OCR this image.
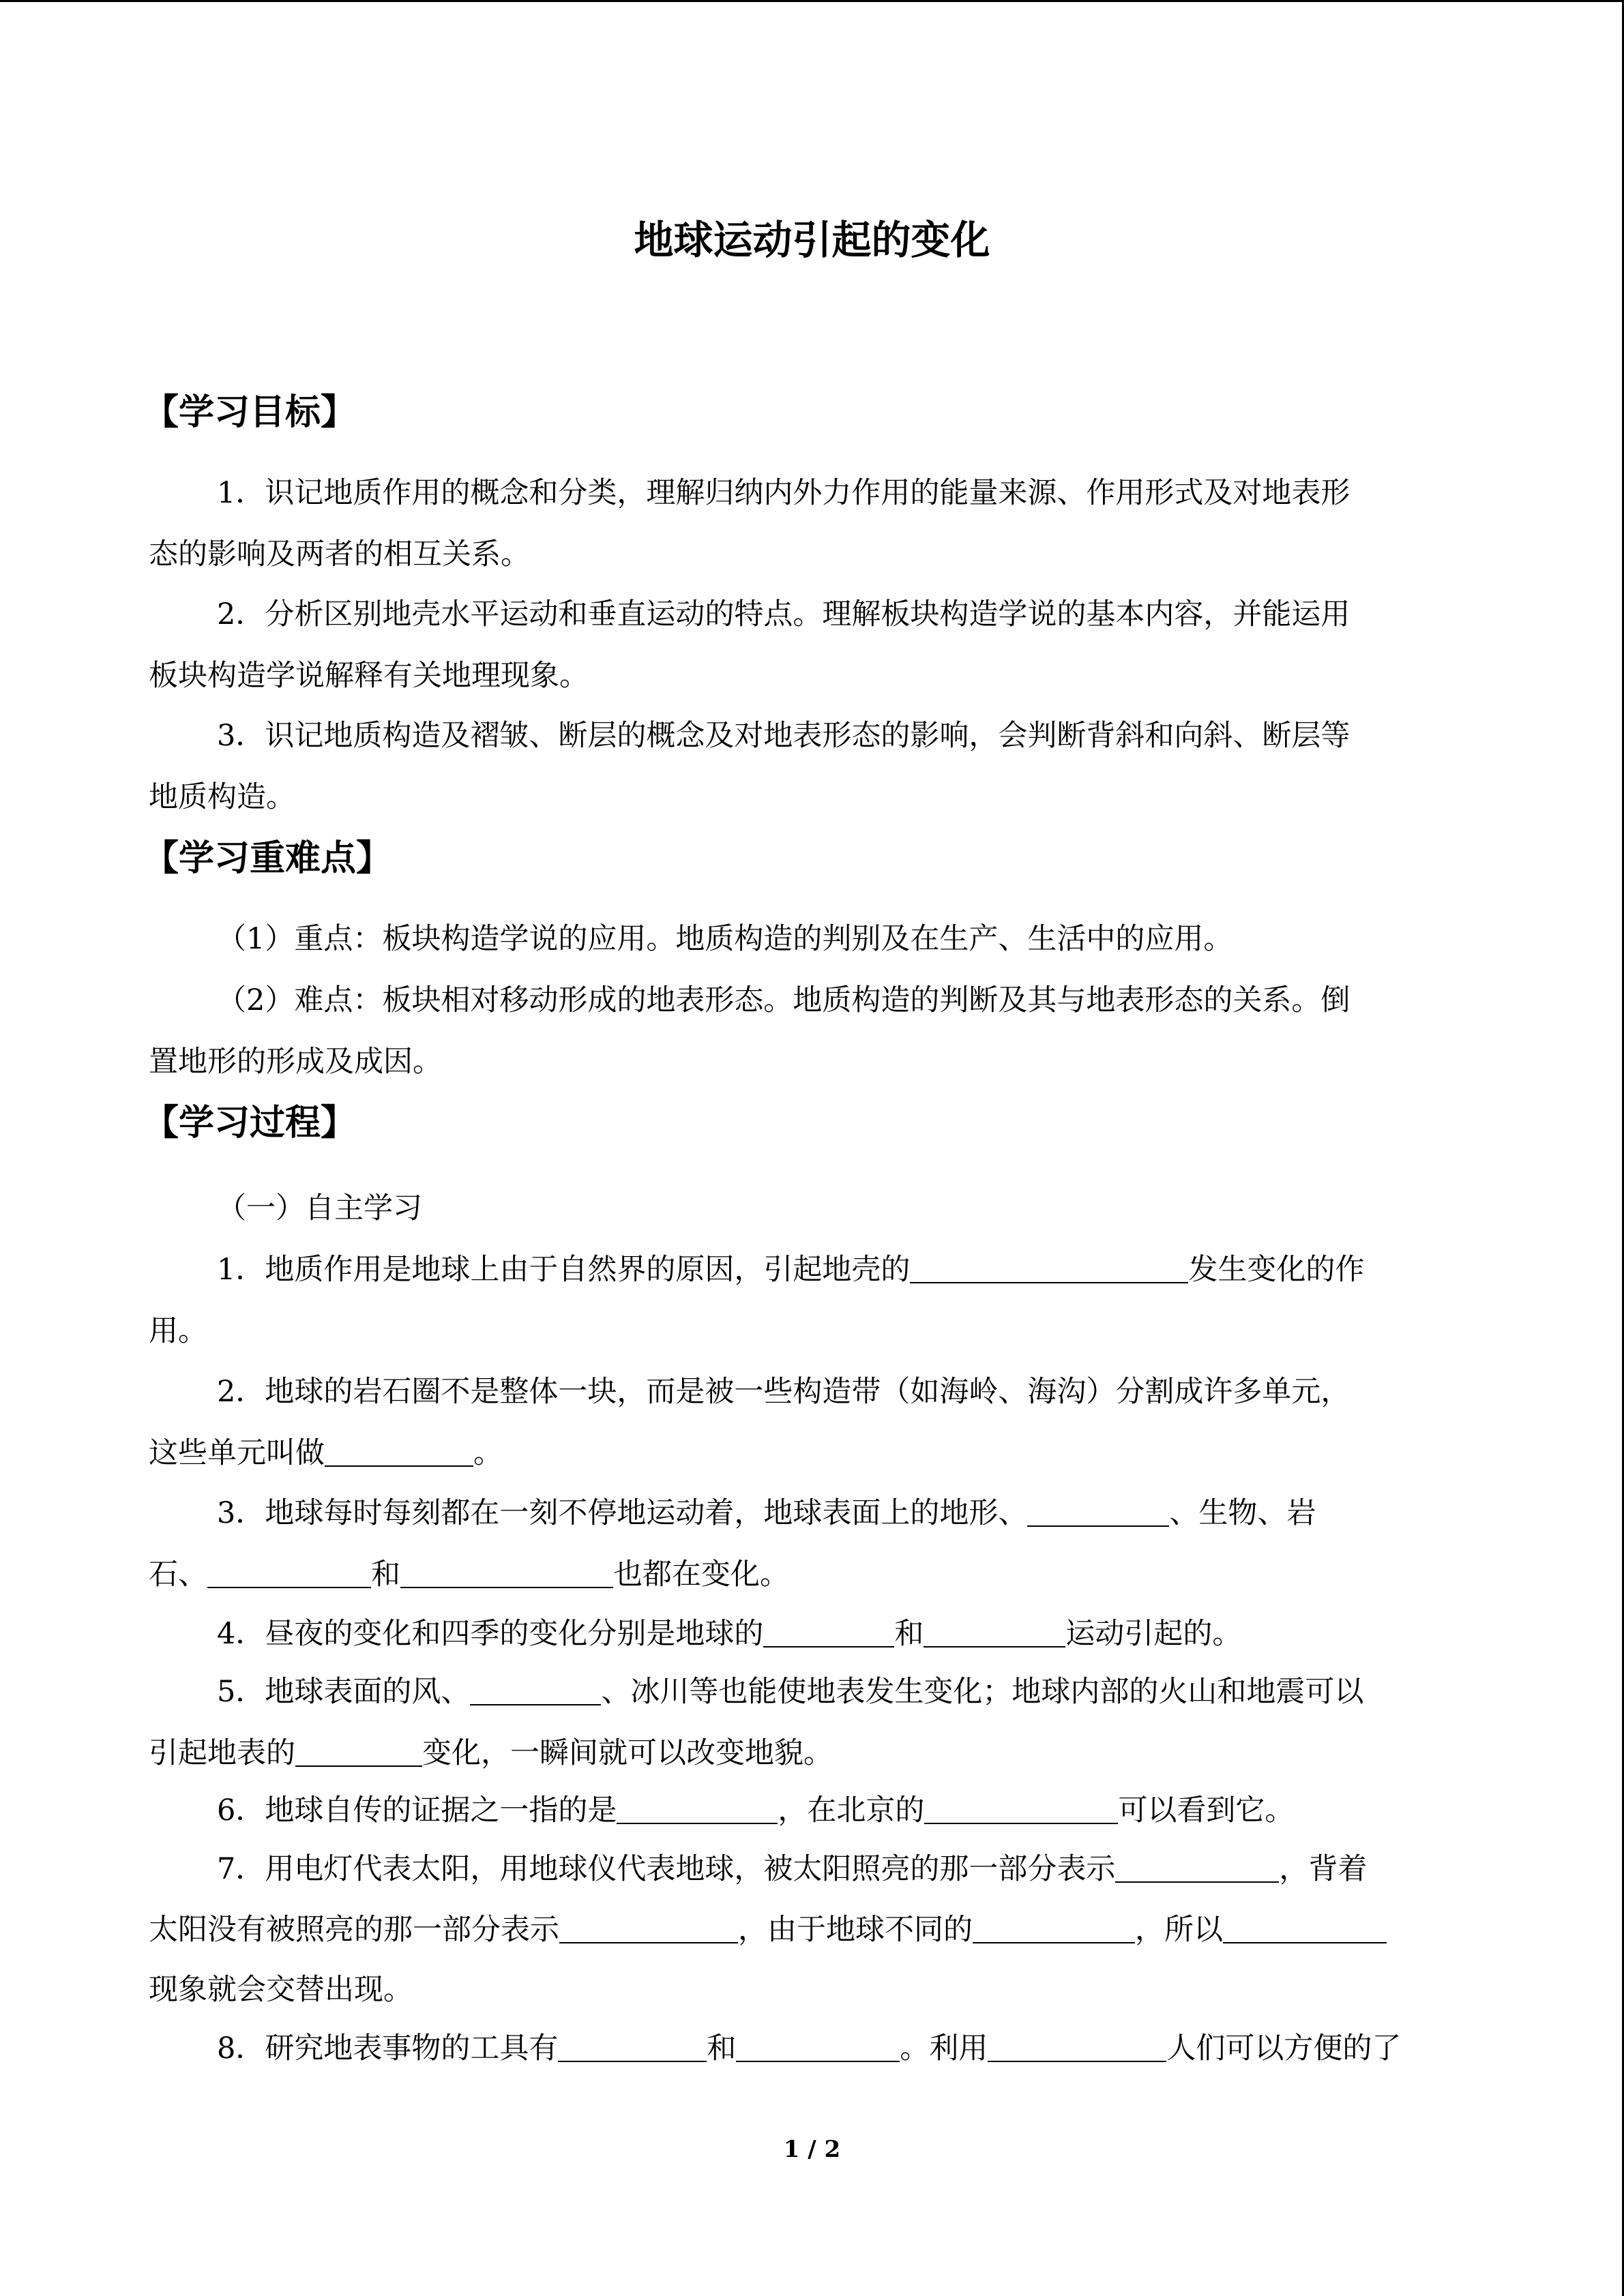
地球运动引起的变化
【学习目标】
1．识记地质作用的概念和分类，理解归纳内外力作用的能量来源、作用形式及对地表形
态的影响及两者的相互关系。
2．分析区别地壳水平运动和垂直运动的特点。理解板块构造学说的基本内容，并能运用
板块构造学说解释有关地理现象。
3．识记地质构造及褶皱、断层的概念及对地表形态的影响，会判断背斜和向斜、断层等
地质构造。
【学习重难点】
（1）重点：板块构造学说的应用。地质构造的判别及在生产、生活中的应用。
（2）难点：板块相对移动形成的地表形态。地质构造的判断及其与地表形态的关系。倒
置地形的形成及成因。
【学习过程】
（一）自主学习
1．地质作用是地球上由于自然界的原因，引起地壳的	发生变化的作
用。
2．地球的岩石圈不是整体一块，而是被一些构造带（如海岭、海沟）分割成许多单元，
这些单元叫做	。
3．地球每时每刻都在一刻不停地运动着，地球表面上的地形、	、生物、岩
石、	和	也都在变化。
4．昼夜的变化和四季的变化分别是地球的	和	运动引起的。
5．地球表面的风、	、冰川等也能使地表发生变化；地球内部的火山和地震可以
引起地表的	变化，一瞬间就可以改变地貌。
6．地球自传的证据之一指的是	，在北京的	可以看到它。
7．用电灯代表太阳，用地球仪代表地球，被太阳照亮的那一部分表示	，背着
太阳没有被照亮的那一部分表示	，由于地球不同的	，所以
现象就会交替出现。
8．研究地表事物的工具有	和	。利用	人们可以方便的了
1 / 2
